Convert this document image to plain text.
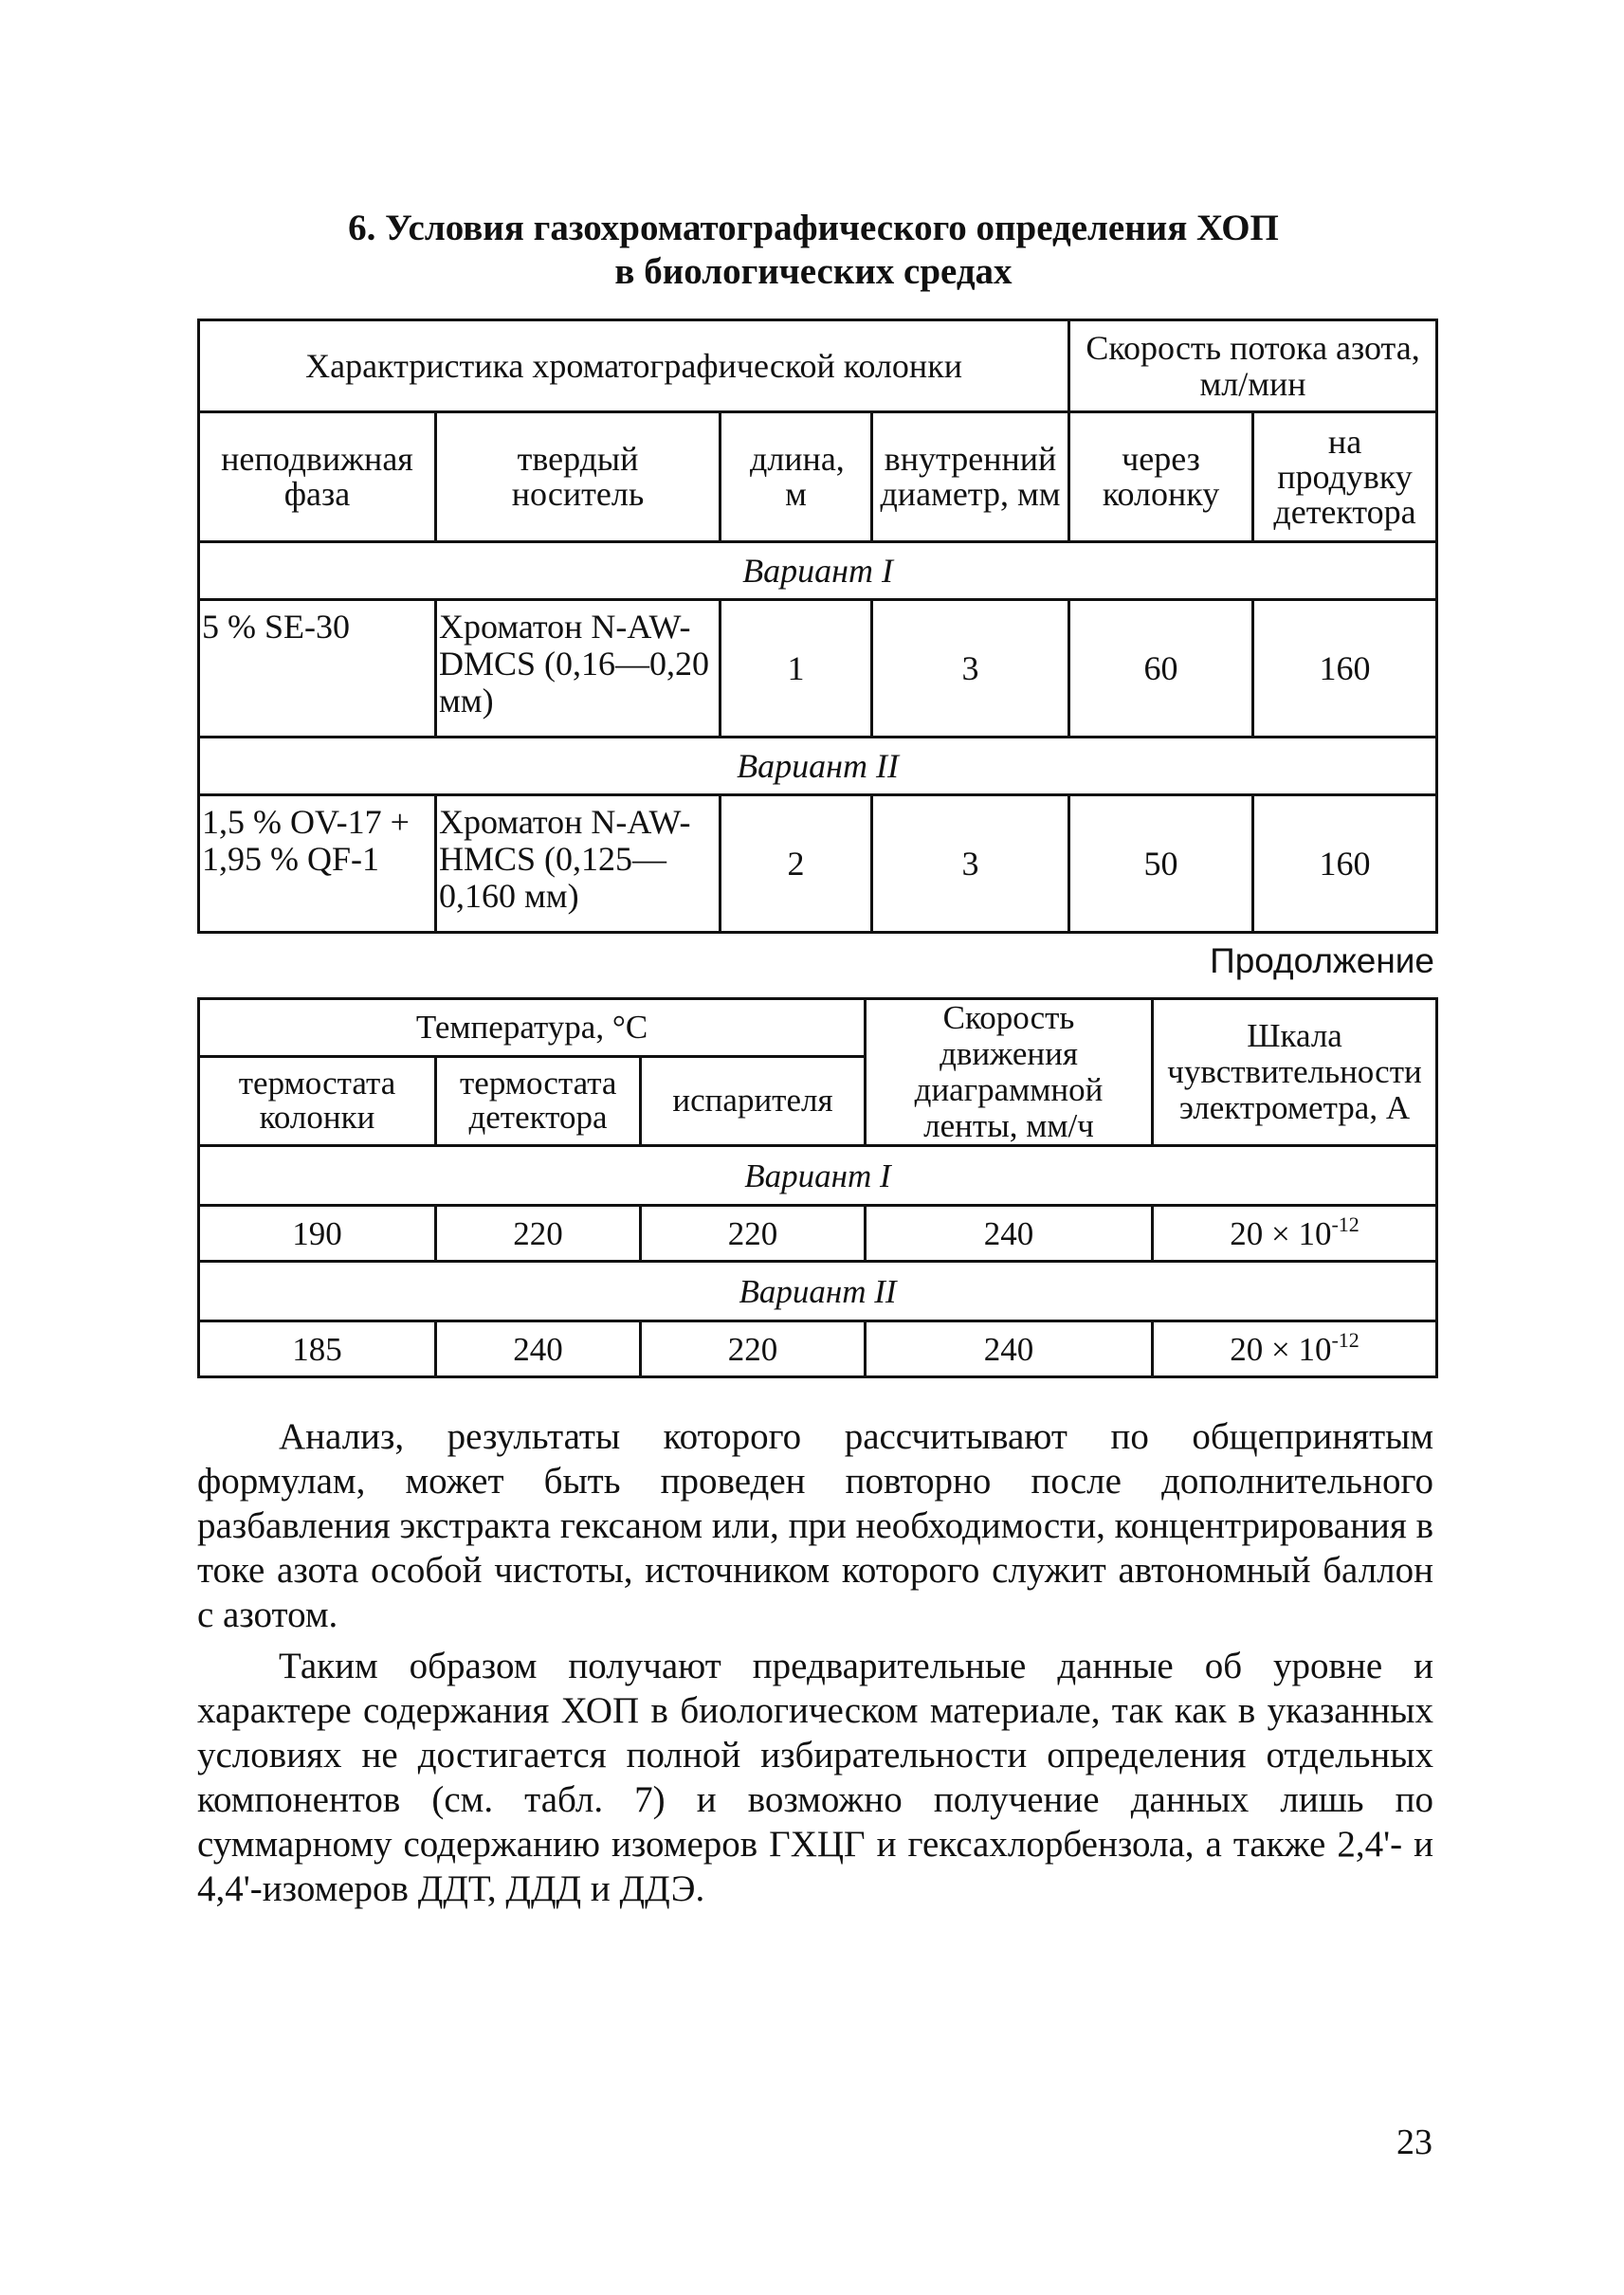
6. Условия газохроматографического определения ХОП
в биологических средах
Характристика хроматографической колонки				Скорость потока азота, мл/мин	
неподвижная фаза	твердый носитель	длина, м	внутренний диаметр, мм	через колонку	на продувку детектора
Вариант I					
5 % SE-30	Хроматон N-AW-DMCS (0,16—0,20 мм)	1	3	60	160
Вариант II					
1,5 % OV-17 + 1,95 % QF-1	Хроматон N-AW-HMCS (0,125—0,160 мм)	2	3	50	160
Продолжение
Температура, °С			Скорость движения диаграммной ленты, мм/ч	Шкала чувствительности электрометра, А
термостата колонки	термостата детектора	испарителя		
Вариант I				
190	220	220	240	$20 \times 10^{-12}$
Вариант II				
185	240	220	240	$20 \times 10^{-12}$

Анализ, результаты которого рассчитывают по общепринятым формулам, может быть проведен повторно после дополнительного разбавления экстракта гексаном или, при необходимости, концентрирования в токе азота особой чистоты, источником которого служит автономный баллон с азотом.

Таким образом получают предварительные данные об уровне и характере содержания ХОП в биологическом материале, так как в указанных условиях не достигается полной избирательности определения отдельных компонентов (см. табл. 7) и возможно получение данных лишь по суммарному содержанию изомеров ГХЦГ и гексахлорбензола, а также 2,4'- и 4,4'-изомеров ДДТ, ДДД и ДДЭ.

23
